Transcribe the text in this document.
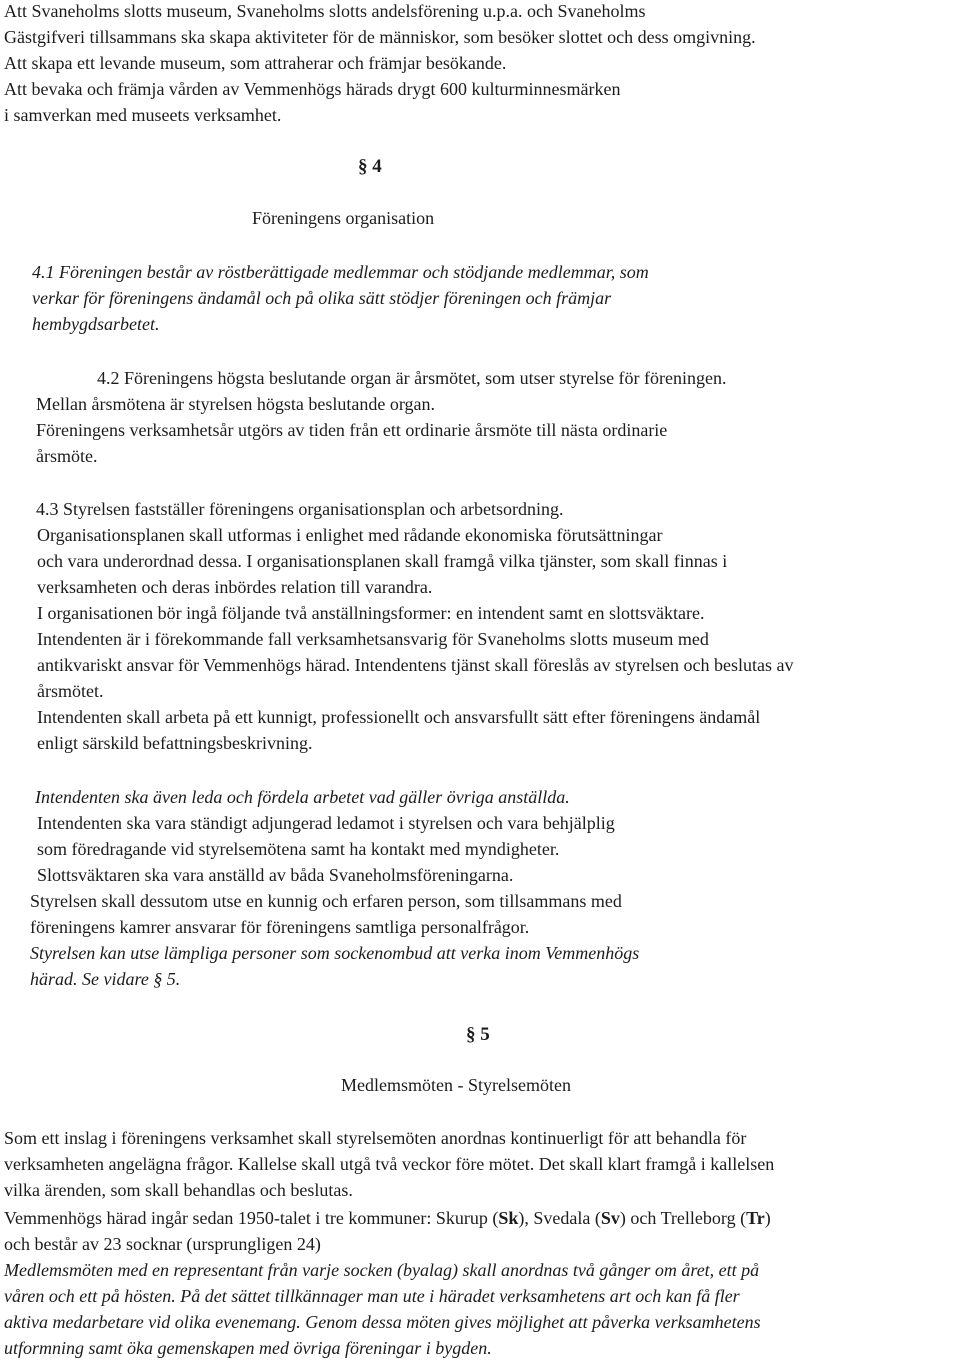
Att Svaneholms slotts museum, Svaneholms slotts andelsförening u.p.a. och Svaneholms
Gästgifveri tillsammans ska skapa aktiviteter för de människor, som besöker slottet och dess omgivning.
Att skapa ett levande museum, som attraherar och främjar besökande.
Att bevaka och främja vården av Vemmenhögs härads drygt 600 kulturminnesmärken
i samverkan med museets verksamhet.
§ 4
Föreningens organisation
4.1 Föreningen består av röstberättigade medlemmar och stödjande medlemmar, som
verkar för föreningens ändamål och på olika sätt stödjer föreningen och främjar
hembygdsarbetet.
4.2 Föreningens högsta beslutande organ är årsmötet, som utser styrelse för föreningen.
Mellan årsmötena är styrelsen högsta beslutande organ.
Föreningens verksamhetsår utgörs av tiden från ett ordinarie årsmöte till nästa ordinarie
årsmöte.
4.3 Styrelsen fastställer föreningens organisationsplan och arbetsordning.
Organisationsplanen skall utformas i enlighet med rådande ekonomiska förutsättningar
och vara underordnad dessa. I organisationsplanen skall framgå vilka tjänster, som skall finnas i
verksamheten och deras inbördes relation till varandra.
I organisationen bör ingå följande två anställningsformer: en intendent samt en slottsväktare.
Intendenten är i förekommande fall verksamhetsansvarig för Svaneholms slotts museum med
antikvariskt ansvar för Vemmenhögs härad. Intendentens tjänst skall föreslås av styrelsen och beslutas av
årsmötet.
Intendenten skall arbeta på ett kunnigt, professionellt och ansvarsfullt sätt efter föreningens ändamål
enligt särskild befattningsbeskrivning.
Intendenten ska även leda och fördela arbetet vad gäller övriga anställda.
Intendenten ska vara ständigt adjungerad ledamot i styrelsen och vara behjälplig
som föredragande vid styrelsemötena samt ha kontakt med myndigheter.
Slottsväktaren ska vara anställd av båda Svaneholmsföreningarna.
Styrelsen skall dessutom utse en kunnig och erfaren person, som tillsammans med
föreningens kamrer ansvarar för föreningens samtliga personalfrågor.
Styrelsen kan utse lämpliga personer som sockenombud att verka inom Vemmenhögs
härad. Se vidare § 5.
§ 5
Medlemsmöten - Styrelsemöten
Som ett inslag i föreningens verksamhet skall styrelsemöten anordnas kontinuerligt för att behandla för
verksamheten angelägna frågor. Kallelse skall utgå två veckor före mötet. Det skall klart framgå i kallelsen
vilka ärenden, som skall behandlas och beslutas.
Vemmenhögs härad ingår sedan 1950-talet i tre kommuner: Skurup (Sk), Svedala (Sv) och Trelleborg (Tr)
och består av 23 socknar (ursprungligen 24)
Medlemsmöten med en representant från varje socken (byalag) skall anordnas två gånger om året, ett på
våren och ett på hösten. På det sättet tillkännager man ute i häradet verksamhetens art och kan få fler
aktiva medarbetare vid olika evenemang. Genom dessa möten gives möjlighet att påverka verksamhetens
utformning samt öka gemenskapen med övriga föreningar i bygden.
